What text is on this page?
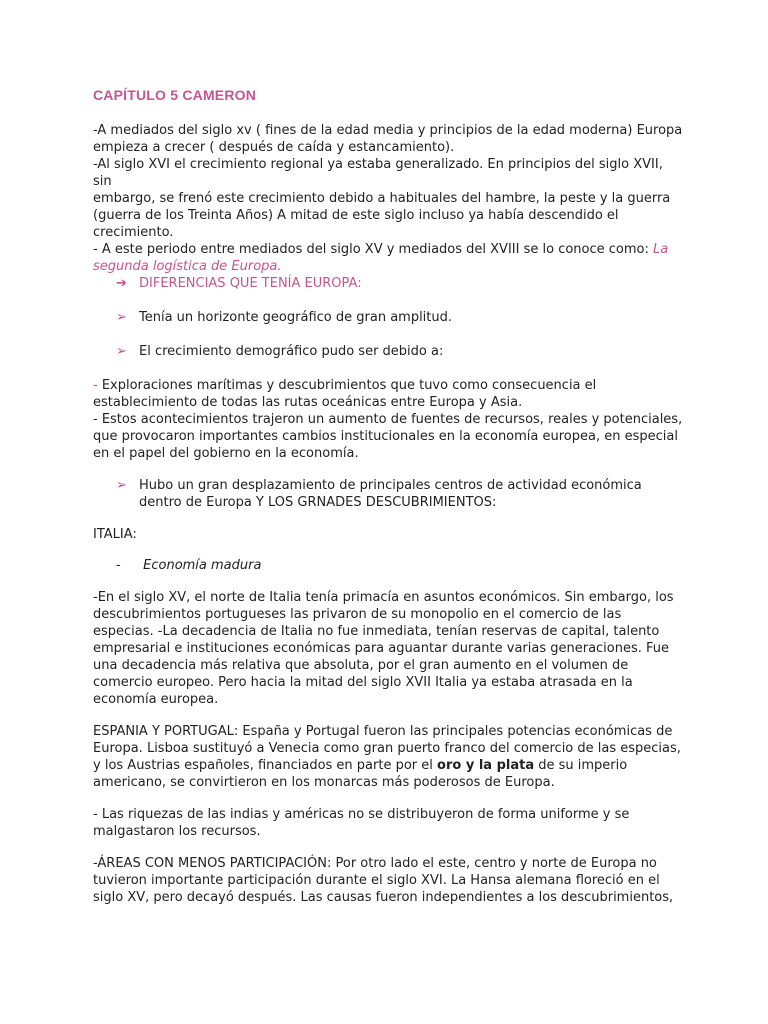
CAPÍTULO 5 CAMERON
-A mediados del siglo xv ( fines de la edad media y principios de la edad moderna) Europa
empieza a crecer ( después de caída y estancamiento).
-Al siglo XVI el crecimiento regional ya estaba generalizado. En principios del siglo XVII, sin
embargo, se frenó este crecimiento debido a habituales del hambre, la peste y la guerra
(guerra de los Treinta Años) A mitad de este siglo incluso ya había descendido el
crecimiento.
- A este periodo entre mediados del siglo XV y mediados del XVIII se lo conoce como: La
segunda logística de Europa.
➔ DIFERENCIAS QUE TENÍA EUROPA:
➢ Tenía un horizonte geográfico de gran amplitud.
➢ El crecimiento demográfico pudo ser debido a:
- Exploraciones marítimas y descubrimientos que tuvo como consecuencia el
establecimiento de todas las rutas oceánicas entre Europa y Asia.
- Estos acontecimientos trajeron un aumento de fuentes de recursos, reales y potenciales,
que provocaron importantes cambios institucionales en la economía europea, en especial
en el papel del gobierno en la economía.
➢ Hubo un gran desplazamiento de principales centros de actividad económica
dentro de Europa Y LOS GRNADES DESCUBRIMIENTOS:
ITALIA:
- Economía madura
-En el siglo XV, el norte de Italia tenía primacía en asuntos económicos. Sin embargo, los
descubrimientos portugueses las privaron de su monopolio en el comercio de las
especias. -La decadencia de Italia no fue inmediata, tenían reservas de capital, talento
empresarial e instituciones económicas para aguantar durante varias generaciones. Fue
una decadencia más relativa que absoluta, por el gran aumento en el volumen de
comercio europeo. Pero hacia la mitad del siglo XVII Italia ya estaba atrasada en la
economía europea.
ESPANIA Y PORTUGAL: España y Portugal fueron las principales potencias económicas de
Europa. Lisboa sustituyó a Venecia como gran puerto franco del comercio de las especias,
y los Austrias españoles, financiados en parte por el oro y la plata de su imperio
americano, se convirtieron en los monarcas más poderosos de Europa.
- Las riquezas de las indias y américas no se distribuyeron de forma uniforme y se
malgastaron los recursos.
-ÁREAS CON MENOS PARTICIPACIÓN: Por otro lado el este, centro y norte de Europa no
tuvieron importante participación durante el siglo XVI. La Hansa alemana floreció en el
siglo XV, pero decayó después. Las causas fueron independientes a los descubrimientos,
